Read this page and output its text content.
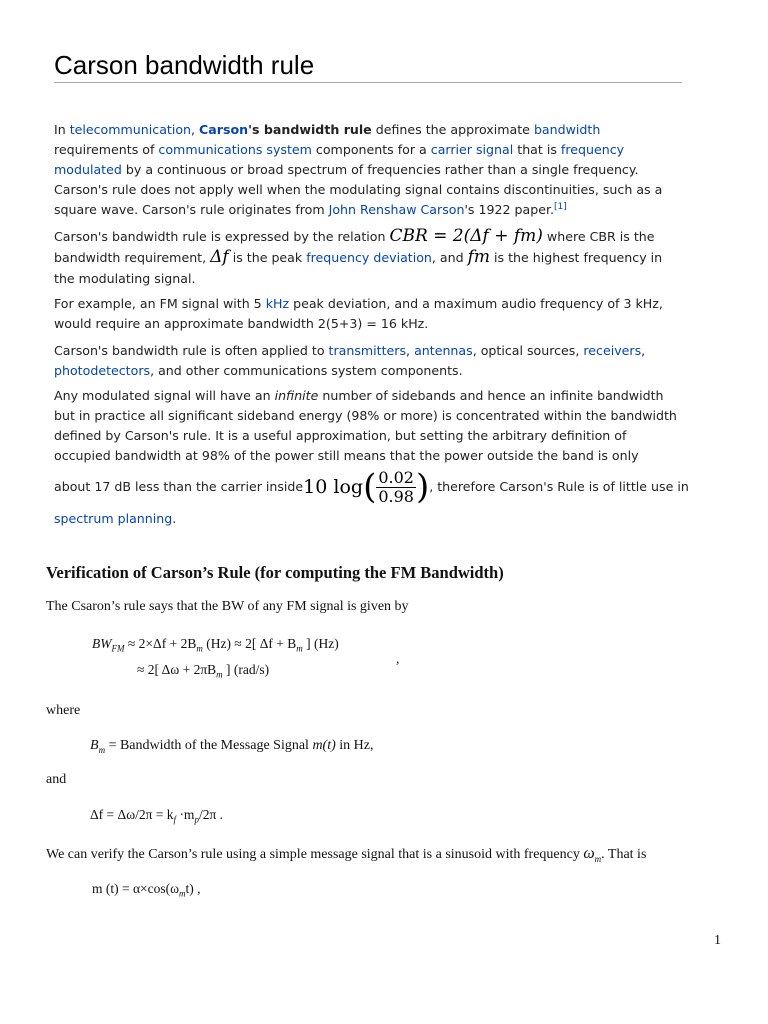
Carson bandwidth rule

In telecommunication, Carson's bandwidth rule defines the approximate bandwidth requirements of communications system components for a carrier signal that is frequency modulated by a continuous or broad spectrum of frequencies rather than a single frequency. Carson's rule does not apply well when the modulating signal contains discontinuities, such as a square wave. Carson's rule originates from John Renshaw Carson's 1922 paper.[1]

Carson's bandwidth rule is expressed by the relation CBR = 2(Δf + fm) where CBR is the bandwidth requirement, Δf is the peak frequency deviation, and fm is the highest frequency in the modulating signal.

For example, an FM signal with 5 kHz peak deviation, and a maximum audio frequency of 3 kHz, would require an approximate bandwidth 2(5+3) = 16 kHz.

Carson's bandwidth rule is often applied to transmitters, antennas, optical sources, receivers, photodetectors, and other communications system components.

Any modulated signal will have an infinite number of sidebands and hence an infinite bandwidth but in practice all significant sideband energy (98% or more) is concentrated within the bandwidth defined by Carson's rule. It is a useful approximation, but setting the arbitrary definition of occupied bandwidth at 98% of the power still means that the power outside the band is only

about 17 dB less than the carrier inside 10 log ( $\frac{0.02}{0.98}$ ) , therefore Carson's Rule is of little use in

spectrum planning.

Verification of Carson’s Rule (for computing the FM Bandwidth)
The Csaron’s rule says that the BW of any FM signal is given by
$BW_{FM} \approx 2\times\Delta f + 2B_m$ (Hz) ≈ 2[ $\Delta f + B_m$ ] (Hz)
,
≈ 2[ $\Delta\omega + 2\pi B_m$ ] (rad/s)
where
$B_m$ = Bandwidth of the Message Signal m(t) in Hz,
and
$\Delta f = \Delta\omega/2\pi = k_f \cdot m_p/2\pi$ .
We can verify the Carson’s rule using a simple message signal that is a sinusoid with frequency $\omega_m$. That is
m $(t) = \alpha\times\cos(\omega_mt)$ ,
1
